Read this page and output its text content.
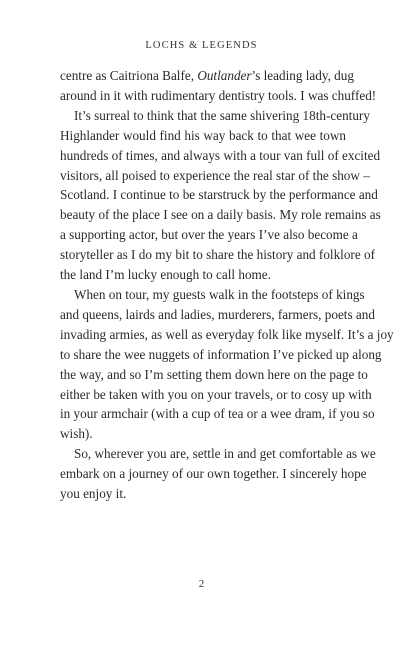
LOCHS & LEGENDS
centre as Caitriona Balfe, Outlander’s leading lady, dug
around in it with rudimentary dentistry tools. I was chuffed!
It’s surreal to think that the same shivering 18th-century
Highlander would find his way back to that wee town
hundreds of times, and always with a tour van full of excited
visitors, all poised to experience the real star of the show –
Scotland. I continue to be starstruck by the performance and
beauty of the place I see on a daily basis. My role remains as
a supporting actor, but over the years I’ve also become a
storyteller as I do my bit to share the history and folklore of
the land I’m lucky enough to call home.
When on tour, my guests walk in the footsteps of kings
and queens, lairds and ladies, murderers, farmers, poets and
invading armies, as well as everyday folk like myself. It’s a joy
to share the wee nuggets of information I’ve picked up along
the way, and so I’m setting them down here on the page to
either be taken with you on your travels, or to cosy up with
in your armchair (with a cup of tea or a wee dram, if you so
wish).
So, wherever you are, settle in and get comfortable as we
embark on a journey of our own together. I sincerely hope
you enjoy it.
2
